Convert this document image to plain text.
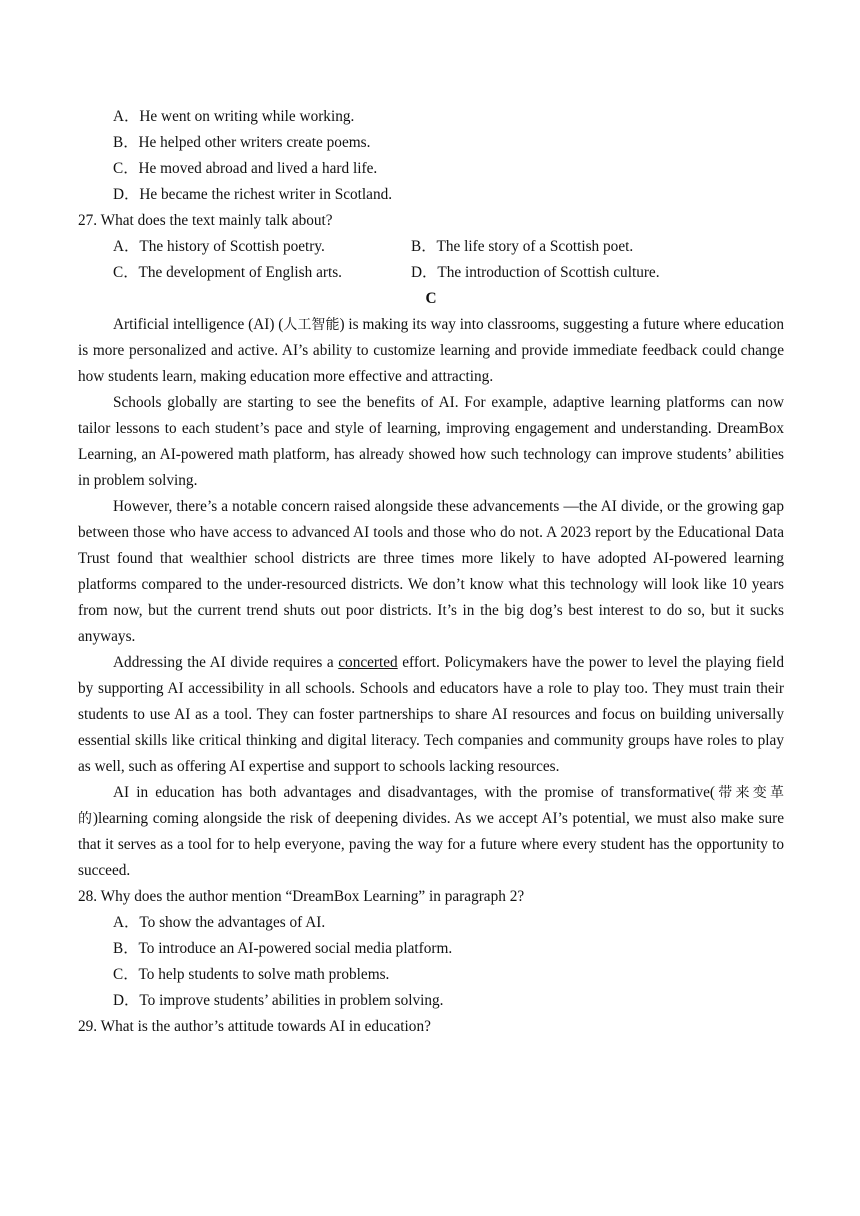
A．He went on writing while working.
B．He helped other writers create poems.
C．He moved abroad and lived a hard life.
D．He became the richest writer in Scotland.
27. What does the text mainly talk about?
A．The history of Scottish poetry.	B．The life story of a Scottish poet.
C．The development of English arts.	D．The introduction of Scottish culture.
C
Artificial intelligence (AI) (人工智能) is making its way into classrooms, suggesting a future where education is more personalized and active. AI’s ability to customize learning and provide immediate feedback could change how students learn, making education more effective and attracting.
Schools globally are starting to see the benefits of AI. For example, adaptive learning platforms can now tailor lessons to each student’s pace and style of learning, improving engagement and understanding. DreamBox Learning, an AI-powered math platform, has already showed how such technology can improve students’ abilities in problem solving.
However, there’s a notable concern raised alongside these advancements —the AI divide, or the growing gap between those who have access to advanced AI tools and those who do not. A 2023 report by the Educational Data Trust found that wealthier school districts are three times more likely to have adopted AI-powered learning platforms compared to the under-resourced districts. We don’t know what this technology will look like 10 years from now, but the current trend shuts out poor districts. It’s in the big dog’s best interest to do so, but it sucks anyways.
Addressing the AI divide requires a concerted effort. Policymakers have the power to level the playing field by supporting AI accessibility in all schools. Schools and educators have a role to play too. They must train their students to use AI as a tool. They can foster partnerships to share AI resources and focus on building universally essential skills like critical thinking and digital literacy. Tech companies and community groups have roles to play as well, such as offering AI expertise and support to schools lacking resources.
AI in education has both advantages and disadvantages, with the promise of transformative(带来变革的)learning coming alongside the risk of deepening divides. As we accept AI’s potential, we must also make sure that it serves as a tool for to help everyone, paving the way for a future where every student has the opportunity to succeed.
28. Why does the author mention “DreamBox Learning” in paragraph 2?
A．To show the advantages of AI.
B．To introduce an AI-powered social media platform.
C．To help students to solve math problems.
D．To improve students’ abilities in problem solving.
29. What is the author’s attitude towards AI in education?
